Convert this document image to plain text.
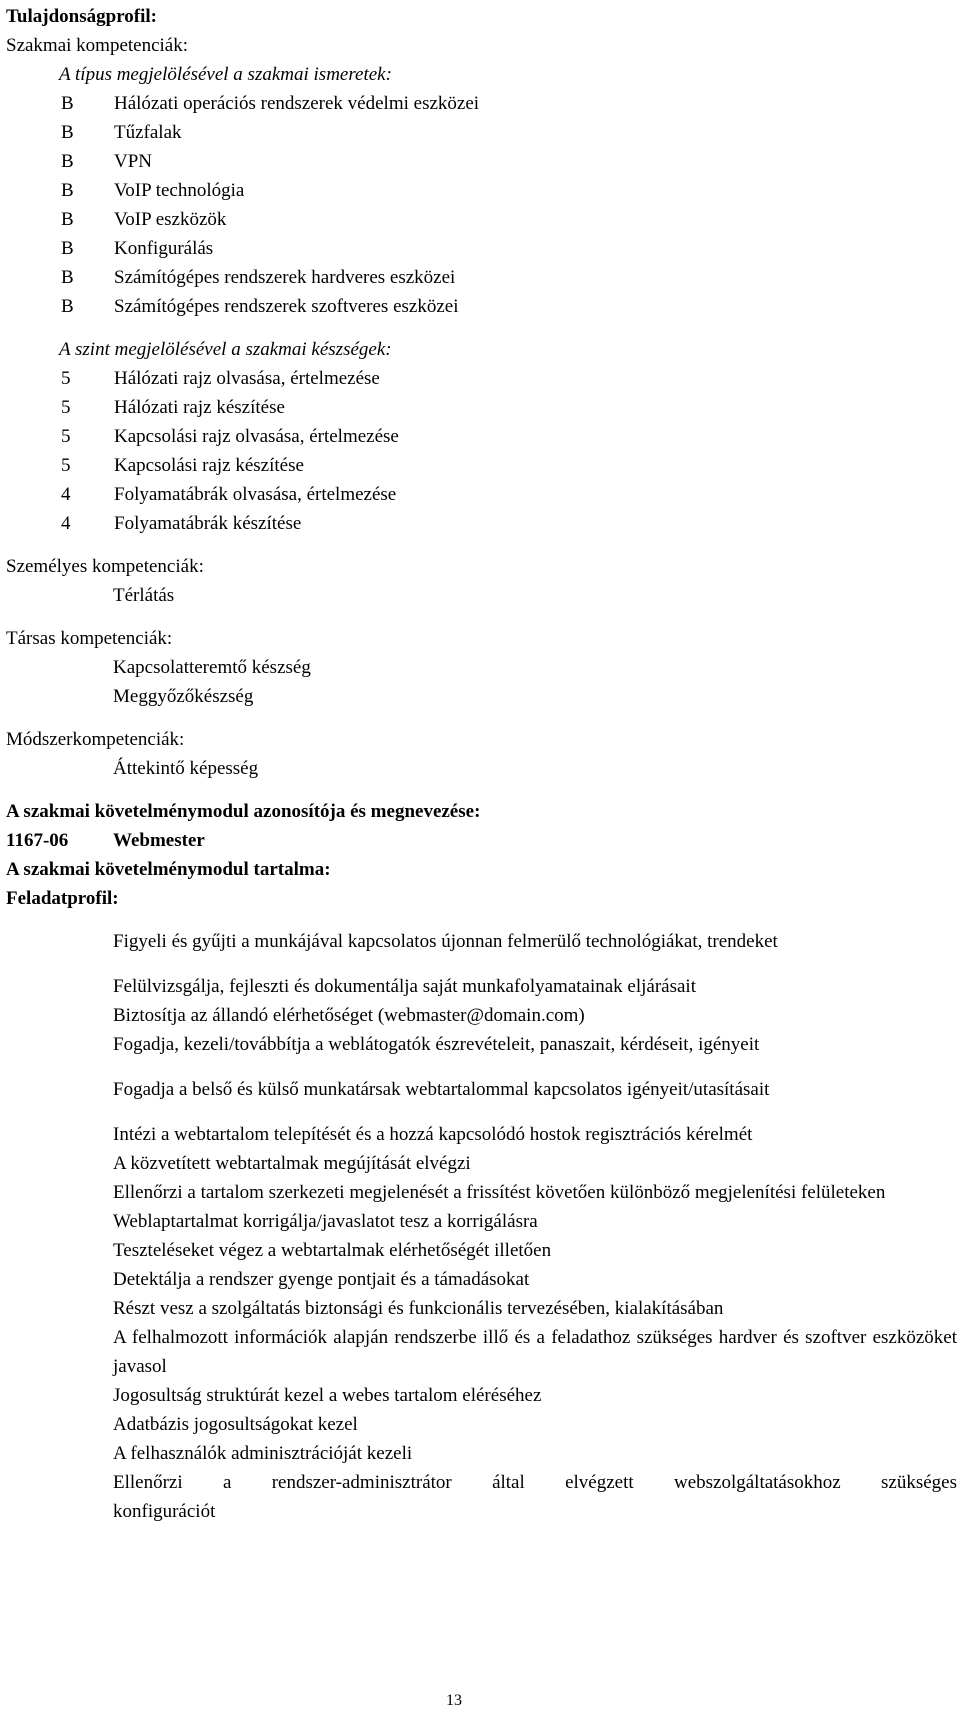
Tulajdonságprofil:
Szakmai kompetenciák:
A típus megjelölésével a szakmai ismeretek:
B	Hálózati operációs rendszerek védelmi eszközei
B	Tűzfalak
B	VPN
B	VoIP technológia
B	VoIP eszközök
B	Konfigurálás
B	Számítógépes rendszerek hardveres eszközei
B	Számítógépes rendszerek szoftveres eszközei
A szint megjelölésével a szakmai készségek:
5	Hálózati rajz olvasása, értelmezése
5	Hálózati rajz készítése
5	Kapcsolási rajz olvasása, értelmezése
5	Kapcsolási rajz készítése
4	Folyamatábrák olvasása, értelmezése
4	Folyamatábrák készítése
Személyes kompetenciák:
Térlátás
Társas kompetenciák:
Kapcsolatteremtő készség
Meggyőzőkészség
Módszerkompetenciák:
Áttekintő képesség
A szakmai követelménymodul azonosítója és megnevezése:
1167-06	Webmester
A szakmai követelménymodul tartalma:
Feladatprofil:
Figyeli és gyűjti a munkájával kapcsolatos újonnan felmerülő technológiákat, trendeket
Felülvizsgálja, fejleszti és dokumentálja saját munkafolyamatainak eljárásait
Biztosítja az állandó elérhetőséget (webmaster@domain.com)
Fogadja, kezeli/továbbítja a weblátogatók észrevételeit, panaszait, kérdéseit, igényeit
Fogadja a belső és külső munkatársak webtartalommal kapcsolatos igényeit/utasításait
Intézi a webtartalom telepítését és a hozzá kapcsolódó hostok regisztrációs kérelmét
A közvetített webtartalmak megújítását elvégzi
Ellenőrzi a tartalom szerkezeti megjelenését a frissítést követően különböző megjelenítési felületeken
Weblaptartalmat korrigálja/javaslatot tesz a korrigálásra
Teszteléseket végez a webtartalmak elérhetőségét illetően
Detektálja a rendszer gyenge pontjait és a támadásokat
Részt vesz a szolgáltatás biztonsági és funkcionális tervezésében, kialakításában
A felhalmozott információk alapján rendszerbe illő és a feladathoz szükséges hardver és szoftver eszközöket javasol
Jogosultság struktúrát kezel a webes tartalom eléréséhez
Adatbázis jogosultságokat kezel
A felhasználók adminisztrációját kezeli
Ellenőrzi a rendszer-adminisztrátor által elvégzett webszolgáltatásokhoz szükséges
konfigurációt
13
